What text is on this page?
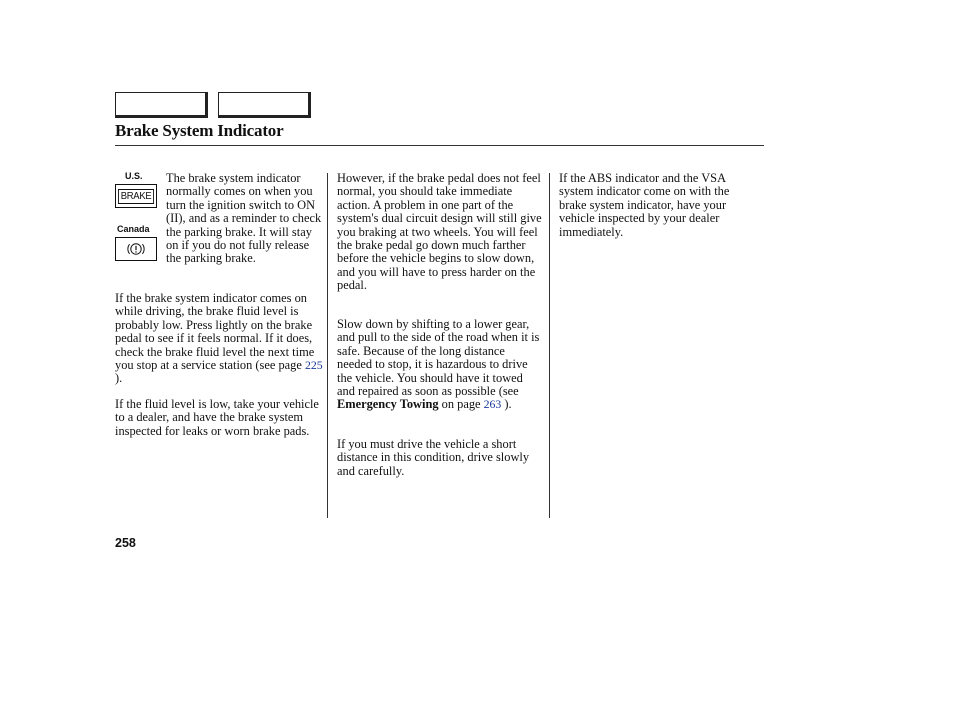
Brake System Indicator
U.S.
BRAKE
Canada

The brake system indicator normally comes on when you turn the ignition switch to ON (II), and as a reminder to check the parking brake. It will stay on if you do not fully release the parking brake.

If the brake system indicator comes on while driving, the brake fluid level is probably low. Press lightly on the brake pedal to see if it feels normal. If it does, check the brake fluid level the next time you stop at a service station (see page 225 ).

If the fluid level is low, take your vehicle to a dealer, and have the brake system inspected for leaks or worn brake pads.

However, if the brake pedal does not feel normal, you should take immediate action. A problem in one part of the system's dual circuit design will still give you braking at two wheels. You will feel the brake pedal go down much farther before the vehicle begins to slow down, and you will have to press harder on the pedal.

Slow down by shifting to a lower gear, and pull to the side of the road when it is safe. Because of the long distance needed to stop, it is hazardous to drive the vehicle. You should have it towed and repaired as soon as possible (see Emergency Towing on page 263 ).

If you must drive the vehicle a short distance in this condition, drive slowly and carefully.

If the ABS indicator and the VSA system indicator come on with the brake system indicator, have your vehicle inspected by your dealer immediately.

258
